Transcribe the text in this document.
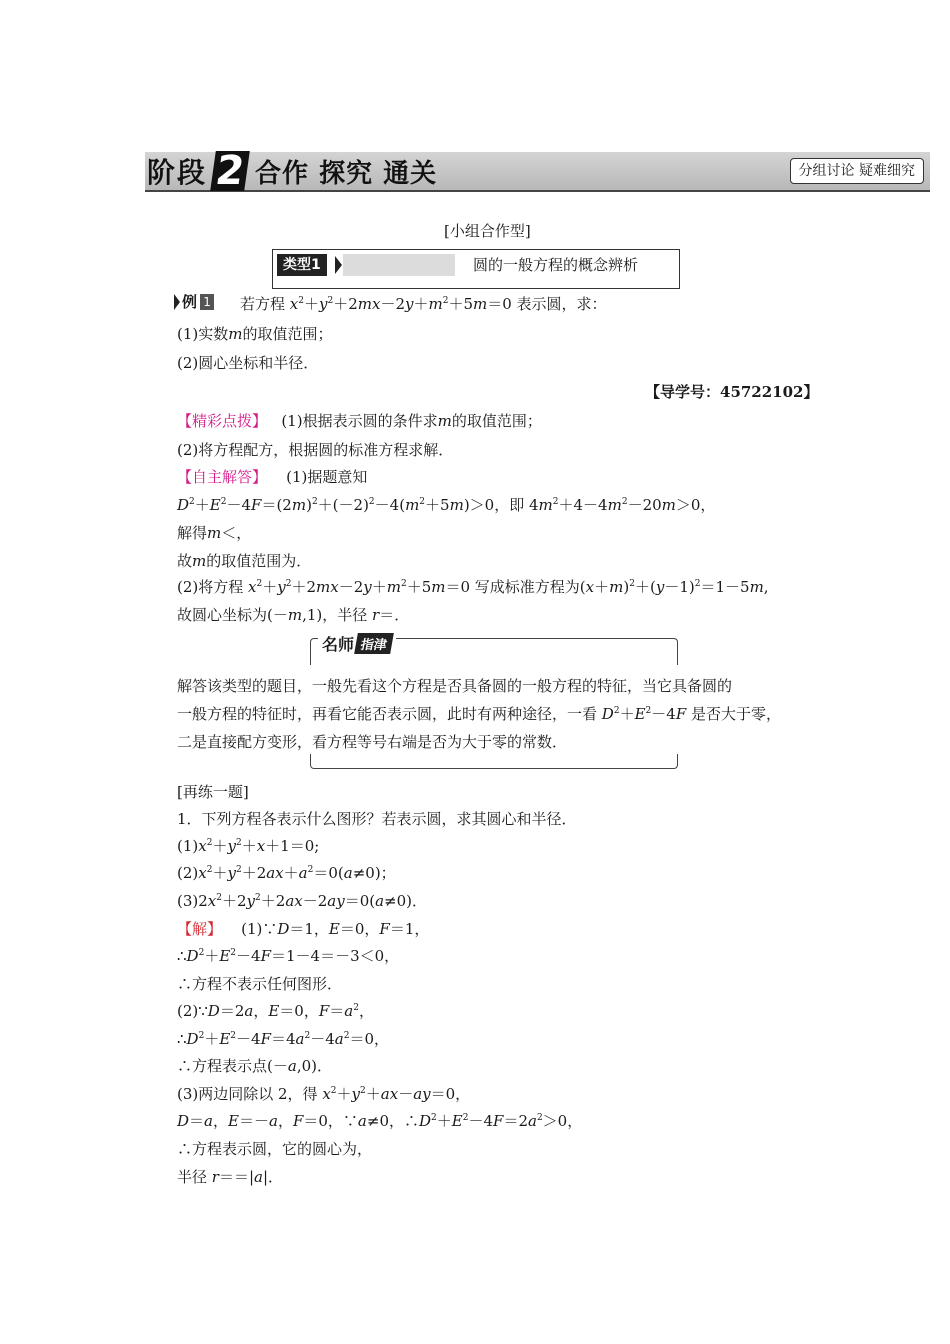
阶段 2 合作 探究 通关	分组讨论 疑难细究
[小组合作型]
类型1	圆的一般方程的概念辨析
例 1 若方程 $x^2+y^2+2mx-2y+m^2+5m=0$ 表示圆，求：
(1)实数m的取值范围；
(2)圆心坐标和半径．
【导学号：45722102】
【精彩点拨】 (1)根据表示圆的条件求m的取值范围；
(2)将方程配方，根据圆的标准方程求解．
【自主解答】 (1)据题意知
$D^2+E^2-4F=(2m)^2+(-2)^2-4(m^2+5m)>0$，即 $4m^2+4-4m^2-20m>0$，
解得m＜，
故m的取值范围为．
(2)将方程 $x^2+y^2+2mx-2y+m^2+5m=0$ 写成标准方程为$(x+m)^2+(y-1)^2=1-5m$,
故圆心坐标为(－m,1)，半径 r＝．
名师 指津
解答该类型的题目，一般先看这个方程是否具备圆的一般方程的特征，当它具备圆的
一般方程的特征时，再看它能否表示圆，此时有两种途径，一看 $D^2+E^2-4F$ 是否大于零，
二是直接配方变形，看方程等号右端是否为大于零的常数．
[再练一题]
1．下列方程各表示什么图形？若表示圆，求其圆心和半径．
$(1)x^2+y^2+x+1=0$;
$(2)x^2+y^2+2ax+a^2=0(a\ne 0)$；
$(3)2x^2+2y^2+2ax-2ay=0(a\ne 0)$．
【解】    (1)∵D＝1，E＝0，F＝1，
$\therefore D^2+E^2-4F=1-4=-3<0$，
∴方程不表示任何图形．
(2)∵D＝2a，E＝0，$F=a^2$，
$\therefore D^2+E^2-4F=4a^2-4a^2=0$，
∴方程表示点(－a,0)．
(3)两边同除以 2，得 $x^2+y^2+ax-ay=0$，
D＝a，E＝－a，F＝0，∵a≠0，$\therefore D^2+E^2-4F=2a^2>0$，
∴方程表示圆，它的圆心为，
半径 r＝＝|a|．
